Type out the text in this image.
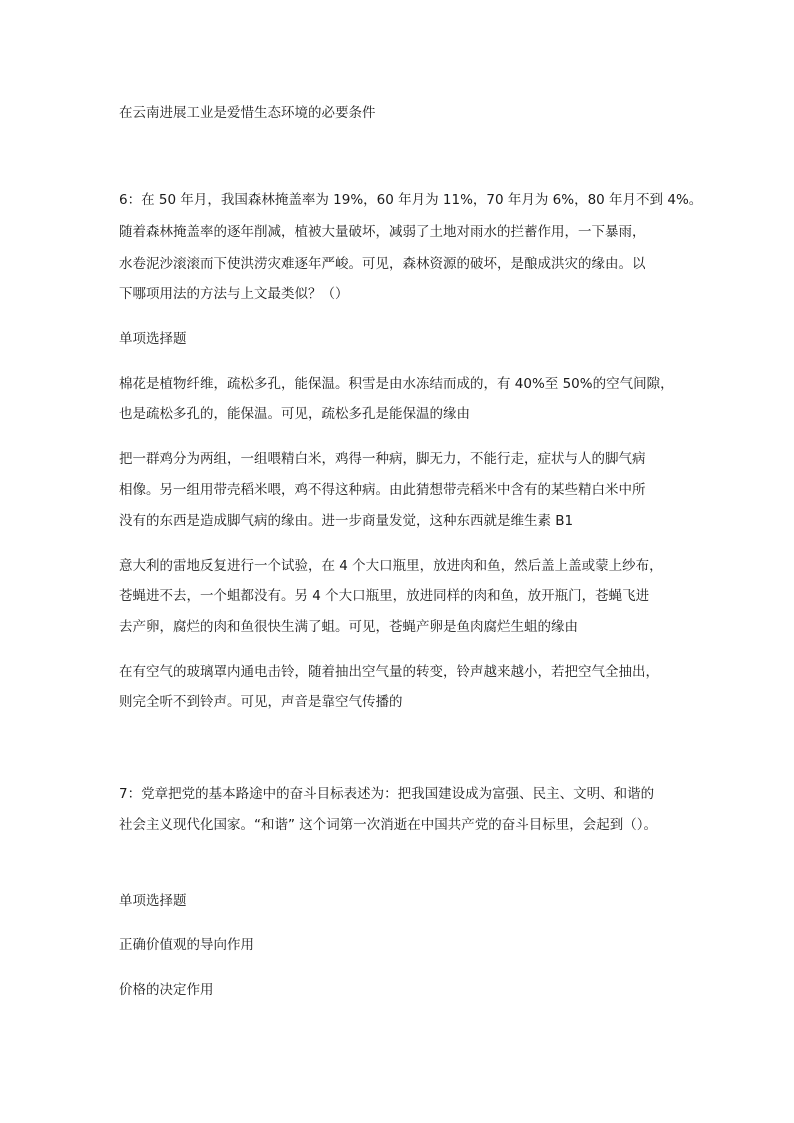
在云南进展工业是爱惜生态环境的必要条件
6：在 50 年月，我国森林掩盖率为 19%，60 年月为 11%，70 年月为 6%，80 年月不到 4%。
随着森林掩盖率的逐年削减，植被大量破坏，减弱了土地对雨水的拦蓄作用，一下暴雨，
水卷泥沙滚滚而下使洪涝灾难逐年严峻。可见，森林资源的破坏，是酿成洪灾的缘由。以
下哪项用法的方法与上文最类似？（）
单项选择题
棉花是植物纤维，疏松多孔，能保温。积雪是由水冻结而成的，有 40%至 50%的空气间隙，
也是疏松多孔的，能保温。可见，疏松多孔是能保温的缘由
把一群鸡分为两组，一组喂精白米，鸡得一种病，脚无力，不能行走，症状与人的脚气病
相像。另一组用带壳稻米喂，鸡不得这种病。由此猜想带壳稻米中含有的某些精白米中所
没有的东西是造成脚气病的缘由。进一步商量发觉，这种东西就是维生素 B1
意大利的雷地反复进行一个试验，在 4 个大口瓶里，放进肉和鱼，然后盖上盖或蒙上纱布，
苍蝇进不去，一个蛆都没有。另 4 个大口瓶里，放进同样的肉和鱼，放开瓶门，苍蝇飞进
去产卵，腐烂的肉和鱼很快生满了蛆。可见，苍蝇产卵是鱼肉腐烂生蛆的缘由
在有空气的玻璃罩内通电击铃，随着抽出空气量的转变，铃声越来越小，若把空气全抽出，
则完全听不到铃声。可见，声音是靠空气传播的
7：党章把党的基本路途中的奋斗目标表述为：把我国建设成为富强、民主、文明、和谐的
社会主义现代化国家。“和谐” 这个词第一次消逝在中国共产党的奋斗目标里，会起到（）。
单项选择题
正确价值观的导向作用
价格的决定作用
